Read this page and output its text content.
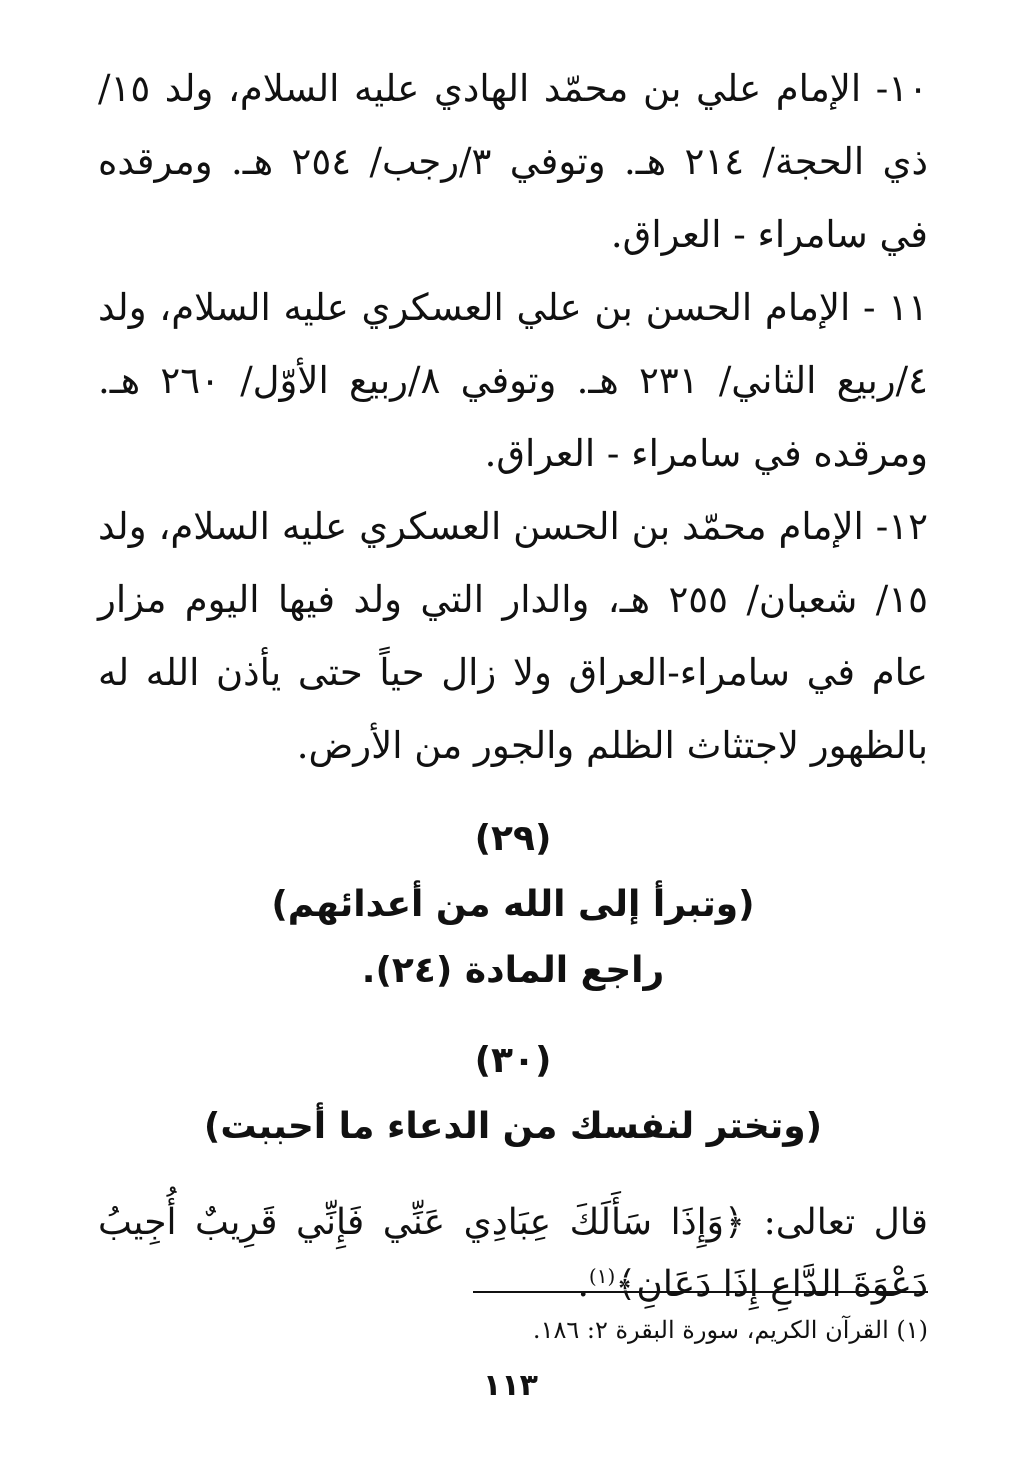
١٠- الإمام علي بن محمّد الهادي عليه السلام، ولد ١٥/ذي الحجة/ ٢١٤ هـ. وتوفي ٣/رجب/ ٢٥٤ هـ. ومرقده في سامراء - العراق.

١١ - الإمام الحسن بن علي العسكري عليه السلام، ولد ٤/ربيع الثاني/ ٢٣١ هـ. وتوفي ٨/ربيع الأوّل/ ٢٦٠ هـ. ومرقده في سامراء - العراق.

١٢- الإمام محمّد بن الحسن العسكري عليه السلام، ولد ١٥/ شعبان/ ٢٥٥ هـ، والدار التي ولد فيها اليوم مزار عام في سامراء-العراق ولا زال حياً حتى يأذن الله له بالظهور لاجتثاث الظلم والجور من الأرض.

(٢٩)

(وتبرأ إلى الله من أعدائهم)

راجع المادة (٢٤).

(٣٠)

(وتختر لنفسك من الدعاء ما أحببت)

قال تعالى: ﴿وَإِذَا سَأَلَكَ عِبَادِي عَنِّي فَإِنِّي قَرِيبٌ أُجِيبُ دَعْوَةَ الدَّاعِ إِذَا دَعَانِ﴾$^{(١)}$.

(١) القرآن الكريم، سورة البقرة ٢: ١٨٦.
١١٣
